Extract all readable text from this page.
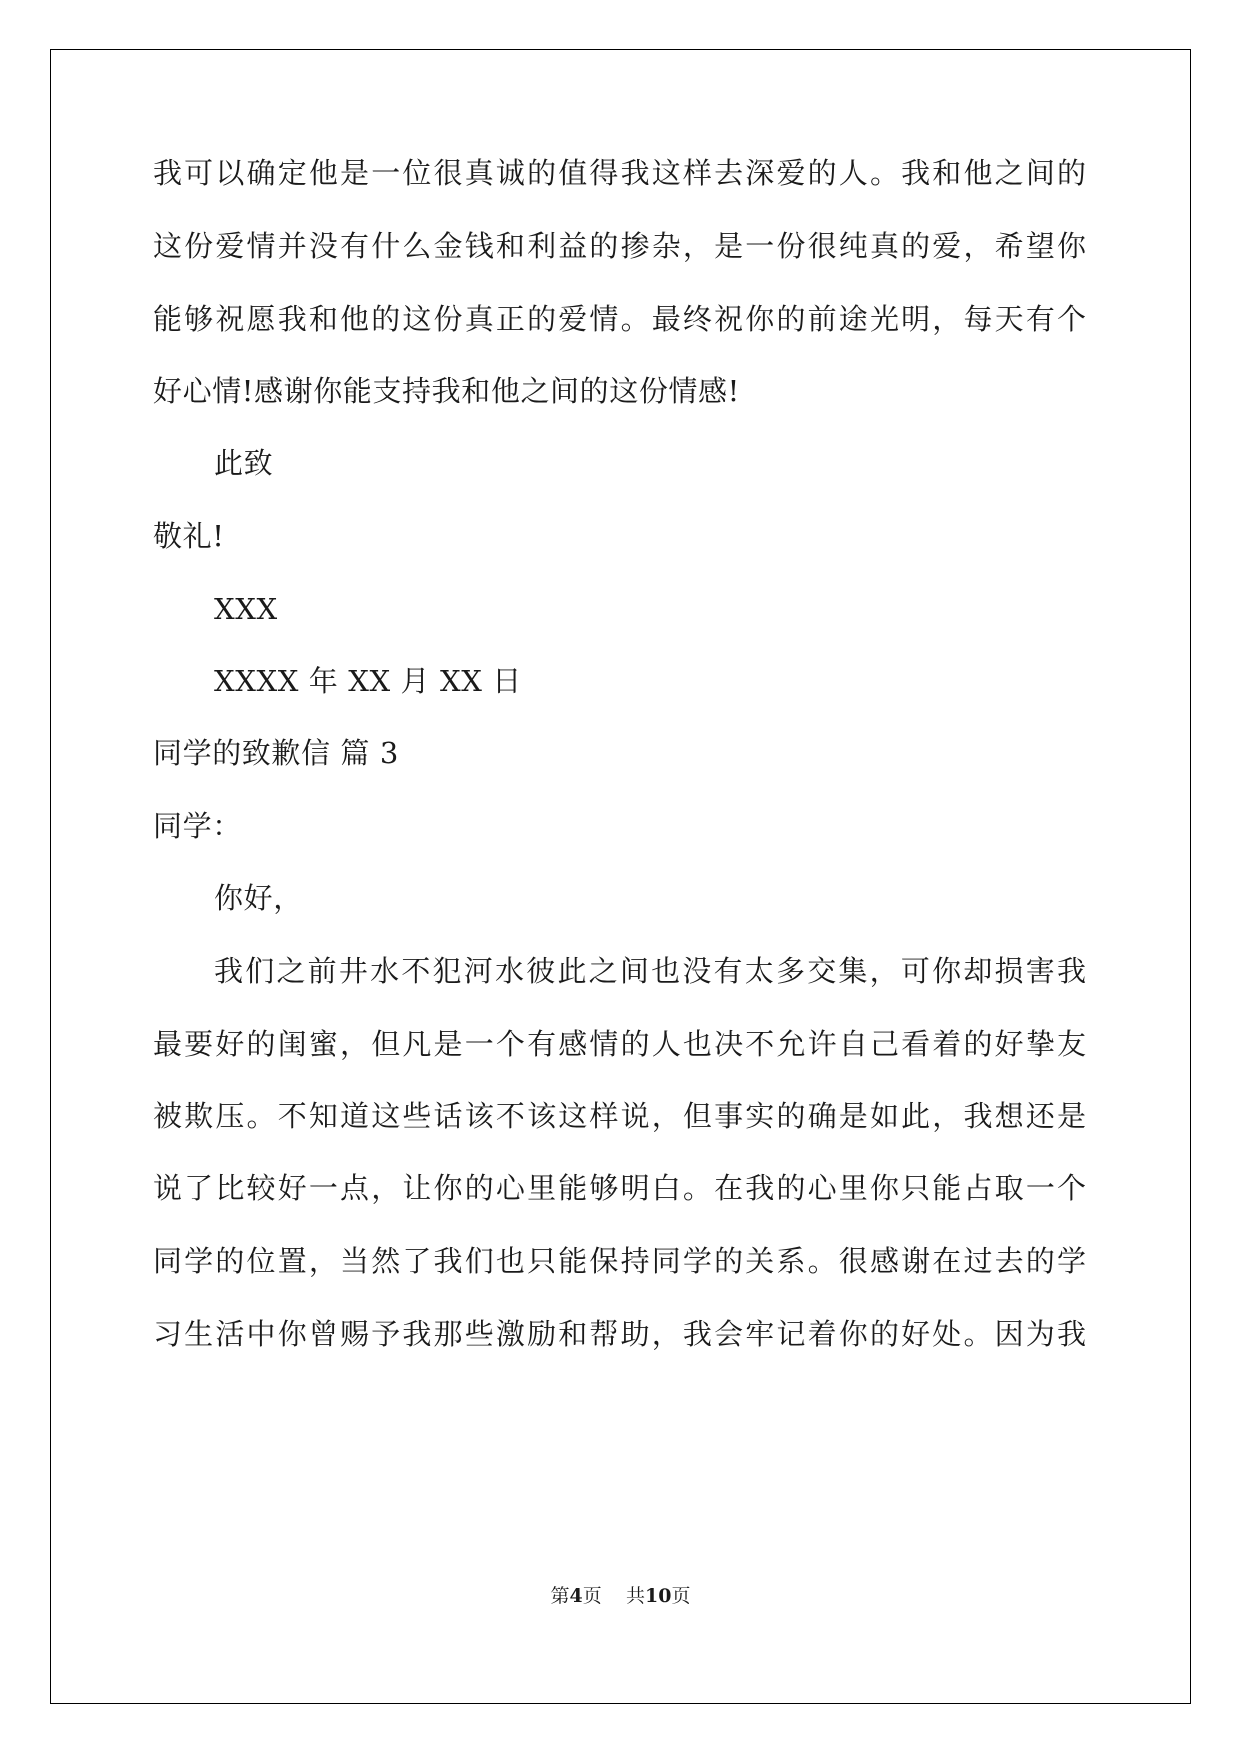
我可以确定他是一位很真诚的值得我这样去深爱的人。我和他之间的
这份爱情并没有什么金钱和利益的掺杂，是一份很纯真的爱，希望你
能够祝愿我和他的这份真正的爱情。最终祝你的前途光明，每天有个
好心情!感谢你能支持我和他之间的这份情感!
此致
敬礼!
XXX
XXXX 年 XX 月 XX 日
同学的致歉信 篇 3
同学：
你好，
我们之前井水不犯河水彼此之间也没有太多交集，可你却损害我
最要好的闺蜜，但凡是一个有感情的人也决不允许自己看着的好挚友
被欺压。不知道这些话该不该这样说，但事实的确是如此，我想还是
说了比较好一点，让你的心里能够明白。在我的心里你只能占取一个
同学的位置，当然了我们也只能保持同学的关系。很感谢在过去的学
习生活中你曾赐予我那些激励和帮助，我会牢记着你的好处。因为我
第4页 共10页
